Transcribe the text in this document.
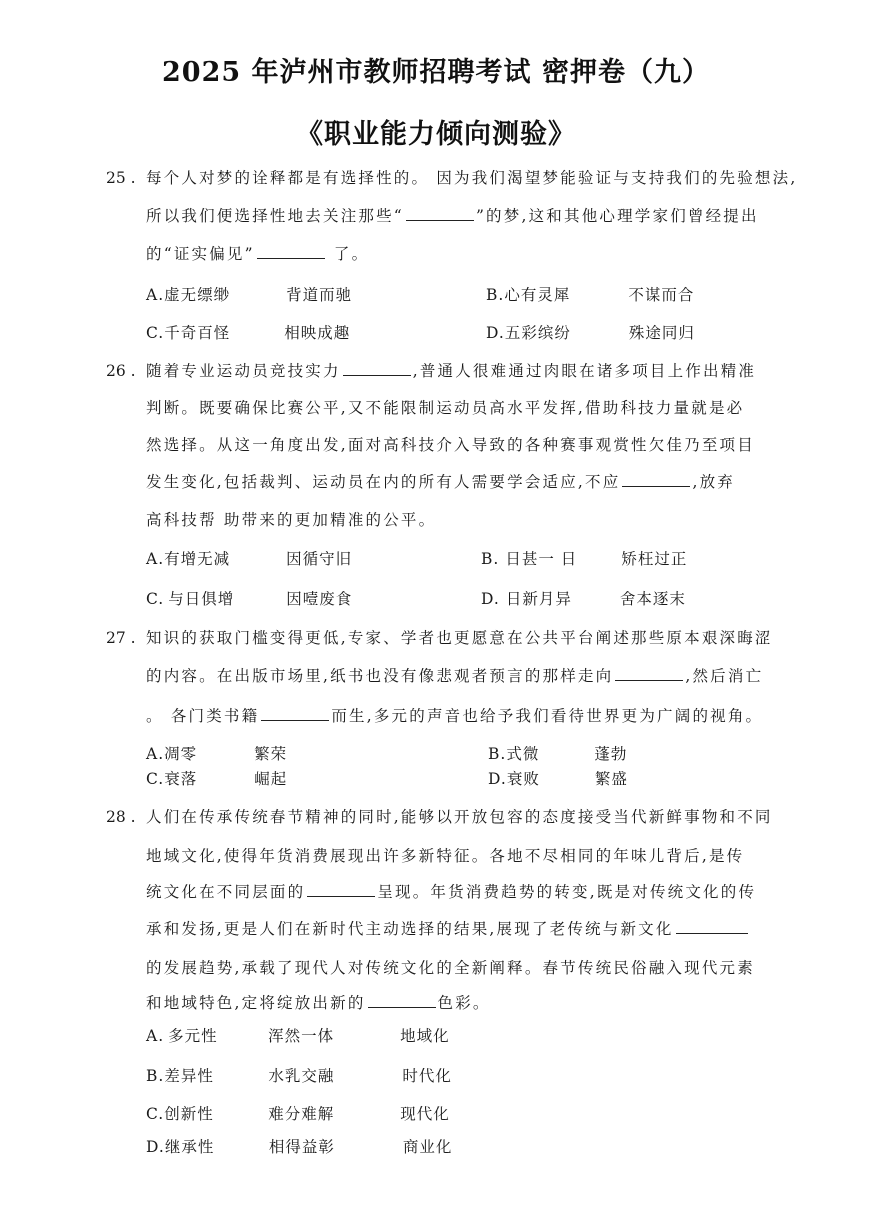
2025 年泸州市教师招聘考试 密押卷（九）
《职业能力倾向测验》
25 . 每个人对梦的诠释都是有选择性的。 因为我们渴望梦能验证与支持我们的先验想法,
所以我们便选择性地去关注那些“	”的梦,这和其他心理学家们曾经提出
的“证实偏见”	了。
A.虚无缥缈	背道而驰	B.心有灵犀	不谋而合
C.千奇百怪	相映成趣	D.五彩缤纷	殊途同归
26 . 随着专业运动员竞技实力	,普通人很难通过肉眼在诸多项目上作出精准
判断。既要确保比赛公平,又不能限制运动员高水平发挥,借助科技力量就是必
然选择。从这一角度出发,面对高科技介入导致的各种赛事观赏性欠佳乃至项目
发生变化,包括裁判、运动员在内的所有人需要学会适应,不应	,放弃
高科技帮 助带来的更加精准的公平。
A.有增无减	因循守旧	B. 日甚一 日	矫枉过正
C. 与日俱增	因噎废食	D. 日新月异	舍本逐末
27 . 知识的获取门槛变得更低,专家、学者也更愿意在公共平台阐述那些原本艰深晦涩
的内容。在出版市场里,纸书也没有像悲观者预言的那样走向	,然后消亡
。 各门类书籍	而生,多元的声音也给予我们看待世界更为广阔的视角。
A.凋零	繁荣	B.式微	蓬勃
C.衰落	崛起	D.衰败	繁盛
28 . 人们在传承传统春节精神的同时,能够以开放包容的态度接受当代新鲜事物和不同
地域文化,使得年货消费展现出许多新特征。各地不尽相同的年味儿背后,是传
统文化在不同层面的	呈现。年货消费趋势的转变,既是对传统文化的传
承和发扬,更是人们在新时代主动选择的结果,展现了老传统与新文化
的发展趋势,承载了现代人对传统文化的全新阐释。春节传统民俗融入现代元素
和地域特色,定将绽放出新的	色彩。
A. 多元性	浑然一体	地域化
B.差异性	水乳交融	时代化
C.创新性	难分难解	现代化
D.继承性	相得益彰	商业化
